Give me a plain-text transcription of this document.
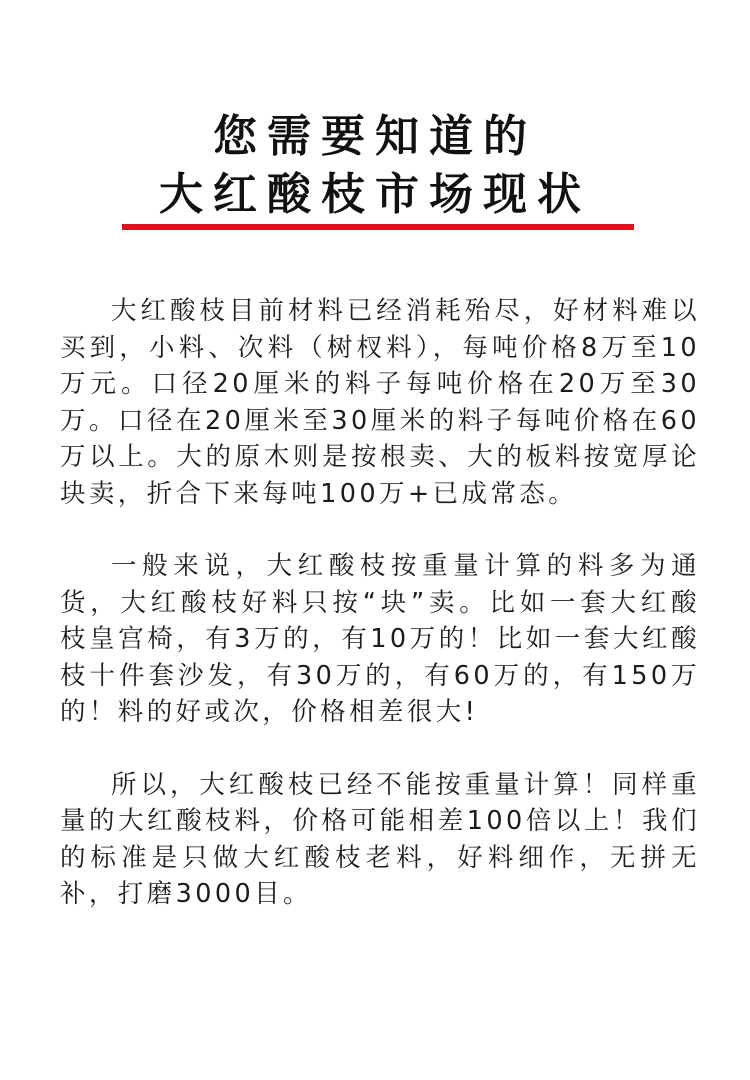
您需要知道的
大红酸枝市场现状

大红酸枝目前材料已经消耗殆尽，好材料难以买到，小料、次料（树杈料），每吨价格8万至10万元。口径20厘米的料子每吨价格在20万至30万。口径在20厘米至30厘米的料子每吨价格在60万以上。大的原木则是按根卖、大的板料按宽厚论块卖，折合下来每吨100万+已成常态。

一般来说，大红酸枝按重量计算的料多为通货，大红酸枝好料只按“块”卖。比如一套大红酸枝皇宫椅，有3万的，有10万的！比如一套大红酸枝十件套沙发，有30万的，有60万的，有150万的！料的好或次，价格相差很大!

所以，大红酸枝已经不能按重量计算！同样重量的大红酸枝料，价格可能相差100倍以上！我们的标准是只做大红酸枝老料，好料细作，无拼无补，打磨3000目。
